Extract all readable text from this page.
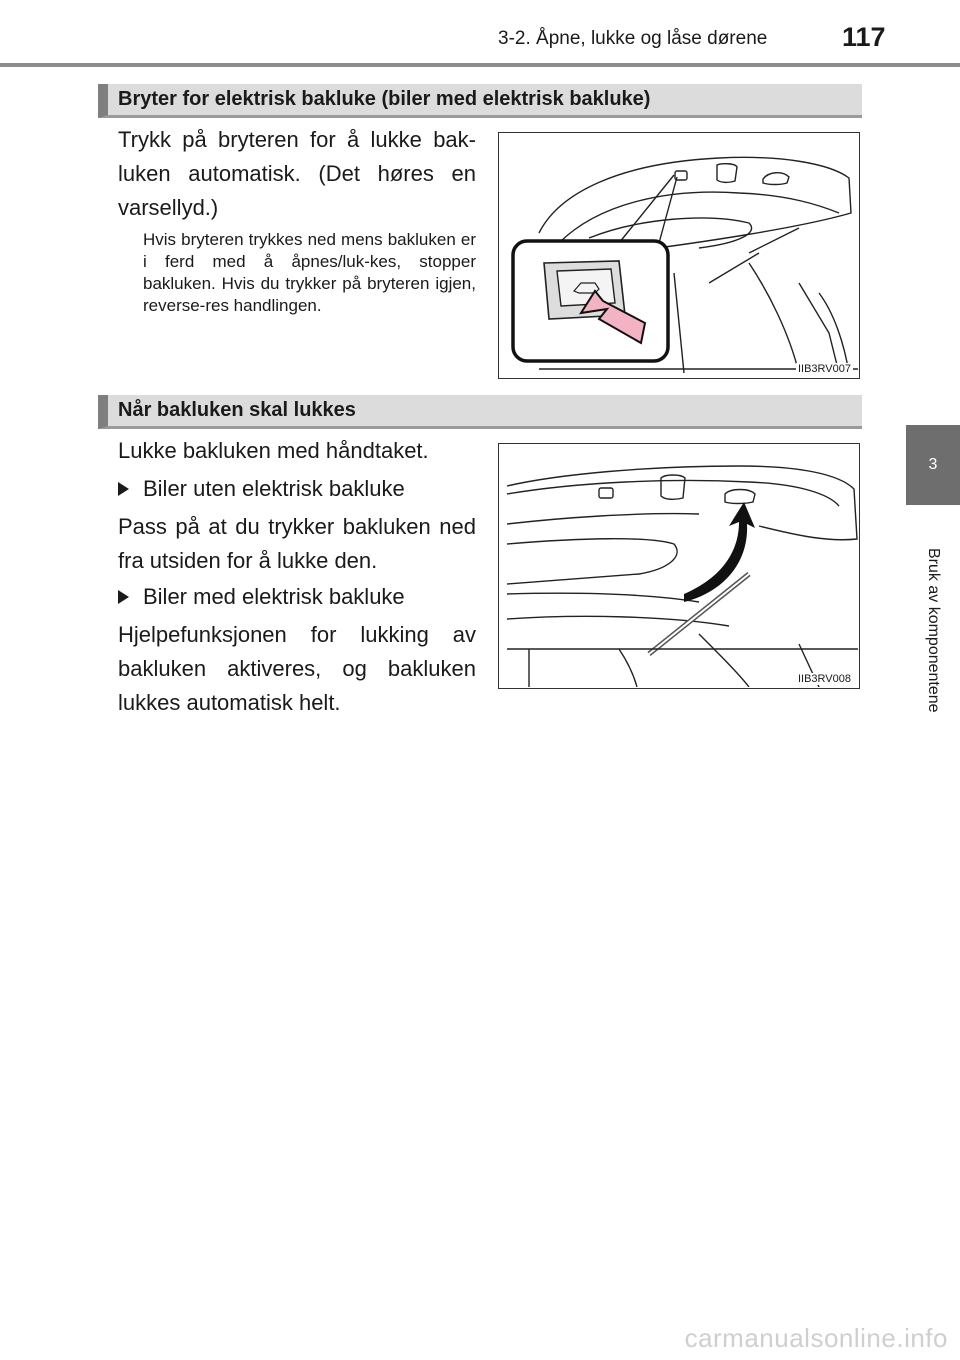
3-2. Åpne, lukke og låse dørene	117
3
Bruk av komponentene
Bryter for elektrisk bakluke (biler med elektrisk bakluke)
Trykk på bryteren for å lukke bak-luken automatisk. (Det høres en varsellyd.)
Hvis bryteren trykkes ned mens bakluken er i ferd med å åpnes/luk-kes, stopper bakluken. Hvis du trykker på bryteren igjen, reverse-res handlingen.
IIB3RV007
Når bakluken skal lukkes
Lukke bakluken med håndtaket.
Biler uten elektrisk bakluke
Pass på at du trykker bakluken ned fra utsiden for å lukke den.
Biler med elektrisk bakluke
Hjelpefunksjonen for lukking av bakluken aktiveres, og bakluken lukkes automatisk helt.
IIB3RV008
carmanualsonline.info
